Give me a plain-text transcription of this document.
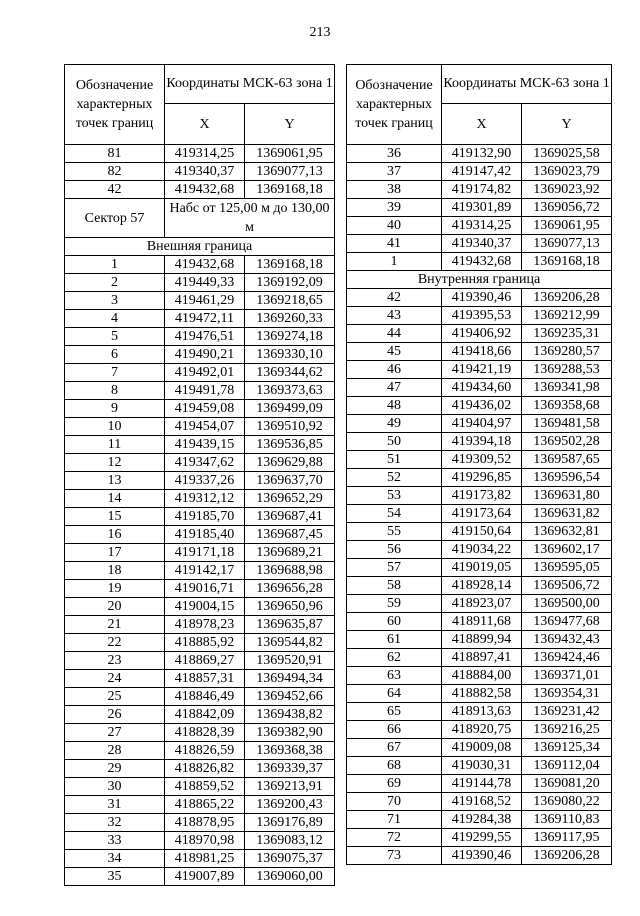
213
Обозначение характерных точек границ	Координаты МСК-63 зона 1	
	X	Y
81	419314,25	1369061,95
82	419340,37	1369077,13
42	419432,68	1369168,18
Сектор 57	Набс от 125,00 м до 130,00 м	
Внешняя граница		
1	419432,68	1369168,18
2	419449,33	1369192,09
3	419461,29	1369218,65
4	419472,11	1369260,33
5	419476,51	1369274,18
6	419490,21	1369330,10
7	419492,01	1369344,62
8	419491,78	1369373,63
9	419459,08	1369499,09
10	419454,07	1369510,92
11	419439,15	1369536,85
12	419347,62	1369629,88
13	419337,26	1369637,70
14	419312,12	1369652,29
15	419185,70	1369687,41
16	419185,40	1369687,45
17	419171,18	1369689,21
18	419142,17	1369688,98
19	419016,71	1369656,28
20	419004,15	1369650,96
21	418978,23	1369635,87
22	418885,92	1369544,82
23	418869,27	1369520,91
24	418857,31	1369494,34
25	418846,49	1369452,66
26	418842,09	1369438,82
27	418828,39	1369382,90
28	418826,59	1369368,38
29	418826,82	1369339,37
30	418859,52	1369213,91
31	418865,22	1369200,43
32	418878,95	1369176,89
33	418970,98	1369083,12
34	418981,25	1369075,37
35	419007,89	1369060,00
Обозначение характерных точек границ	Координаты МСК-63 зона 1	
	X	Y
36	419132,90	1369025,58
37	419147,42	1369023,79
38	419174,82	1369023,92
39	419301,89	1369056,72
40	419314,25	1369061,95
41	419340,37	1369077,13
1	419432,68	1369168,18
Внутренняя граница		
42	419390,46	1369206,28
43	419395,53	1369212,99
44	419406,92	1369235,31
45	419418,66	1369280,57
46	419421,19	1369288,53
47	419434,60	1369341,98
48	419436,02	1369358,68
49	419404,97	1369481,58
50	419394,18	1369502,28
51	419309,52	1369587,65
52	419296,85	1369596,54
53	419173,82	1369631,80
54	419173,64	1369631,82
55	419150,64	1369632,81
56	419034,22	1369602,17
57	419019,05	1369595,05
58	418928,14	1369506,72
59	418923,07	1369500,00
60	418911,68	1369477,68
61	418899,94	1369432,43
62	418897,41	1369424,46
63	418884,00	1369371,01
64	418882,58	1369354,31
65	418913,63	1369231,42
66	418920,75	1369216,25
67	419009,08	1369125,34
68	419030,31	1369112,04
69	419144,78	1369081,20
70	419168,52	1369080,22
71	419284,38	1369110,83
72	419299,55	1369117,95
73	419390,46	1369206,28
